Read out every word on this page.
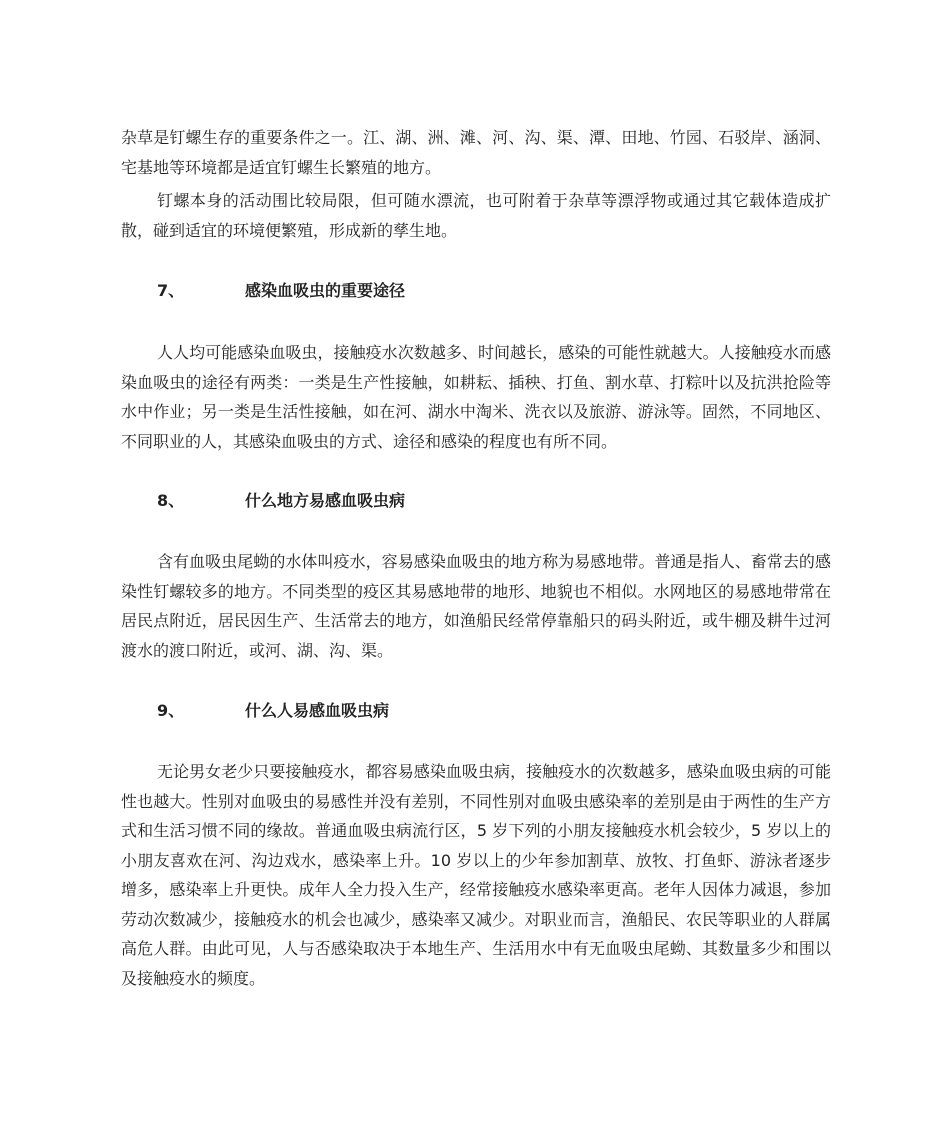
杂草是钉螺生存的重要条件之一。江、湖、洲、滩、河、沟、渠、潭、田地、竹园、石驳岸、涵洞、宅基地等环境都是适宜钉螺生长繁殖的地方。

钉螺本身的活动围比较局限，但可随水漂流，也可附着于杂草等漂浮物或通过其它载体造成扩散，碰到适宜的环境便繁殖，形成新的孳生地。

7、	感染血吸虫的重要途径

人人均可能感染血吸虫，接触疫水次数越多、时间越长，感染的可能性就越大。人接触疫水而感染血吸虫的途径有两类：一类是生产性接触，如耕耘、插秧、打鱼、割水草、打粽叶以及抗洪抢险等水中作业；另一类是生活性接触，如在河、湖水中淘米、洗衣以及旅游、游泳等。固然，不同地区、不同职业的人，其感染血吸虫的方式、途径和感染的程度也有所不同。

8、	什么地方易感血吸虫病

含有血吸虫尾蚴的水体叫疫水，容易感染血吸虫的地方称为易感地带。普通是指人、畜常去的感染性钉螺较多的地方。不同类型的疫区其易感地带的地形、地貌也不相似。水网地区的易感地带常在居民点附近，居民因生产、生活常去的地方，如渔船民经常停靠船只的码头附近，或牛棚及耕牛过河渡水的渡口附近，或河、湖、沟、渠。

9、	什么人易感血吸虫病

无论男女老少只要接触疫水，都容易感染血吸虫病，接触疫水的次数越多，感染血吸虫病的可能性也越大。性别对血吸虫的易感性并没有差别，不同性别对血吸虫感染率的差别是由于两性的生产方式和生活习惯不同的缘故。普通血吸虫病流行区，5 岁下列的小朋友接触疫水机会较少，5 岁以上的小朋友喜欢在河、沟边戏水，感染率上升。10 岁以上的少年参加割草、放牧、打鱼虾、游泳者逐步增多，感染率上升更快。成年人全力投入生产，经常接触疫水感染率更高。老年人因体力减退，参加劳动次数减少，接触疫水的机会也减少，感染率又减少。对职业而言，渔船民、农民等职业的人群属高危人群。由此可见，人与否感染取决于本地生产、生活用水中有无血吸虫尾蚴、其数量多少和围以及接触疫水的频度。
